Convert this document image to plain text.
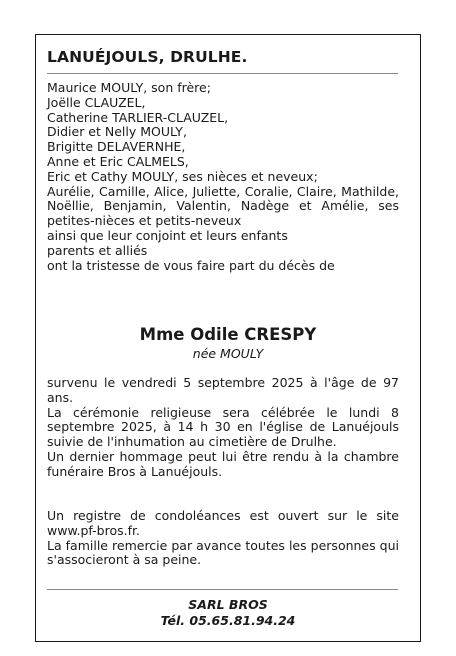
LANUÉJOULS, DRULHE.
Maurice MOULY, son frère;
Joëlle CLAUZEL,
Catherine TARLIER-CLAUZEL,
Didier et Nelly MOULY,
Brigitte DELAVERNHE,
Anne et Eric CALMELS,
Eric et Cathy MOULY, ses nièces et neveux;
Aurélie, Camille, Alice, Juliette, Coralie, Claire, Mathilde,
Noëllie, Benjamin, Valentin, Nadège et Amélie, ses
petites-nièces et petits-neveux
ainsi que leur conjoint et leurs enfants
parents et alliés
ont la tristesse de vous faire part du décès de
Mme Odile CRESPY
née MOULY
survenu le vendredi 5 septembre 2025 à l'âge de 97
ans.
La cérémonie religieuse sera célébrée le lundi 8
septembre 2025, à 14 h 30 en l'église de Lanuéjouls
suivie de l'inhumation au cimetière de Drulhe.
Un dernier hommage peut lui être rendu à la chambre
funéraire Bros à Lanuéjouls.
Un registre de condoléances est ouvert sur le site
www.pf-bros.fr.
La famille remercie par avance toutes les personnes qui
s'associeront à sa peine.
SARL BROS
Tél. 05.65.81.94.24
